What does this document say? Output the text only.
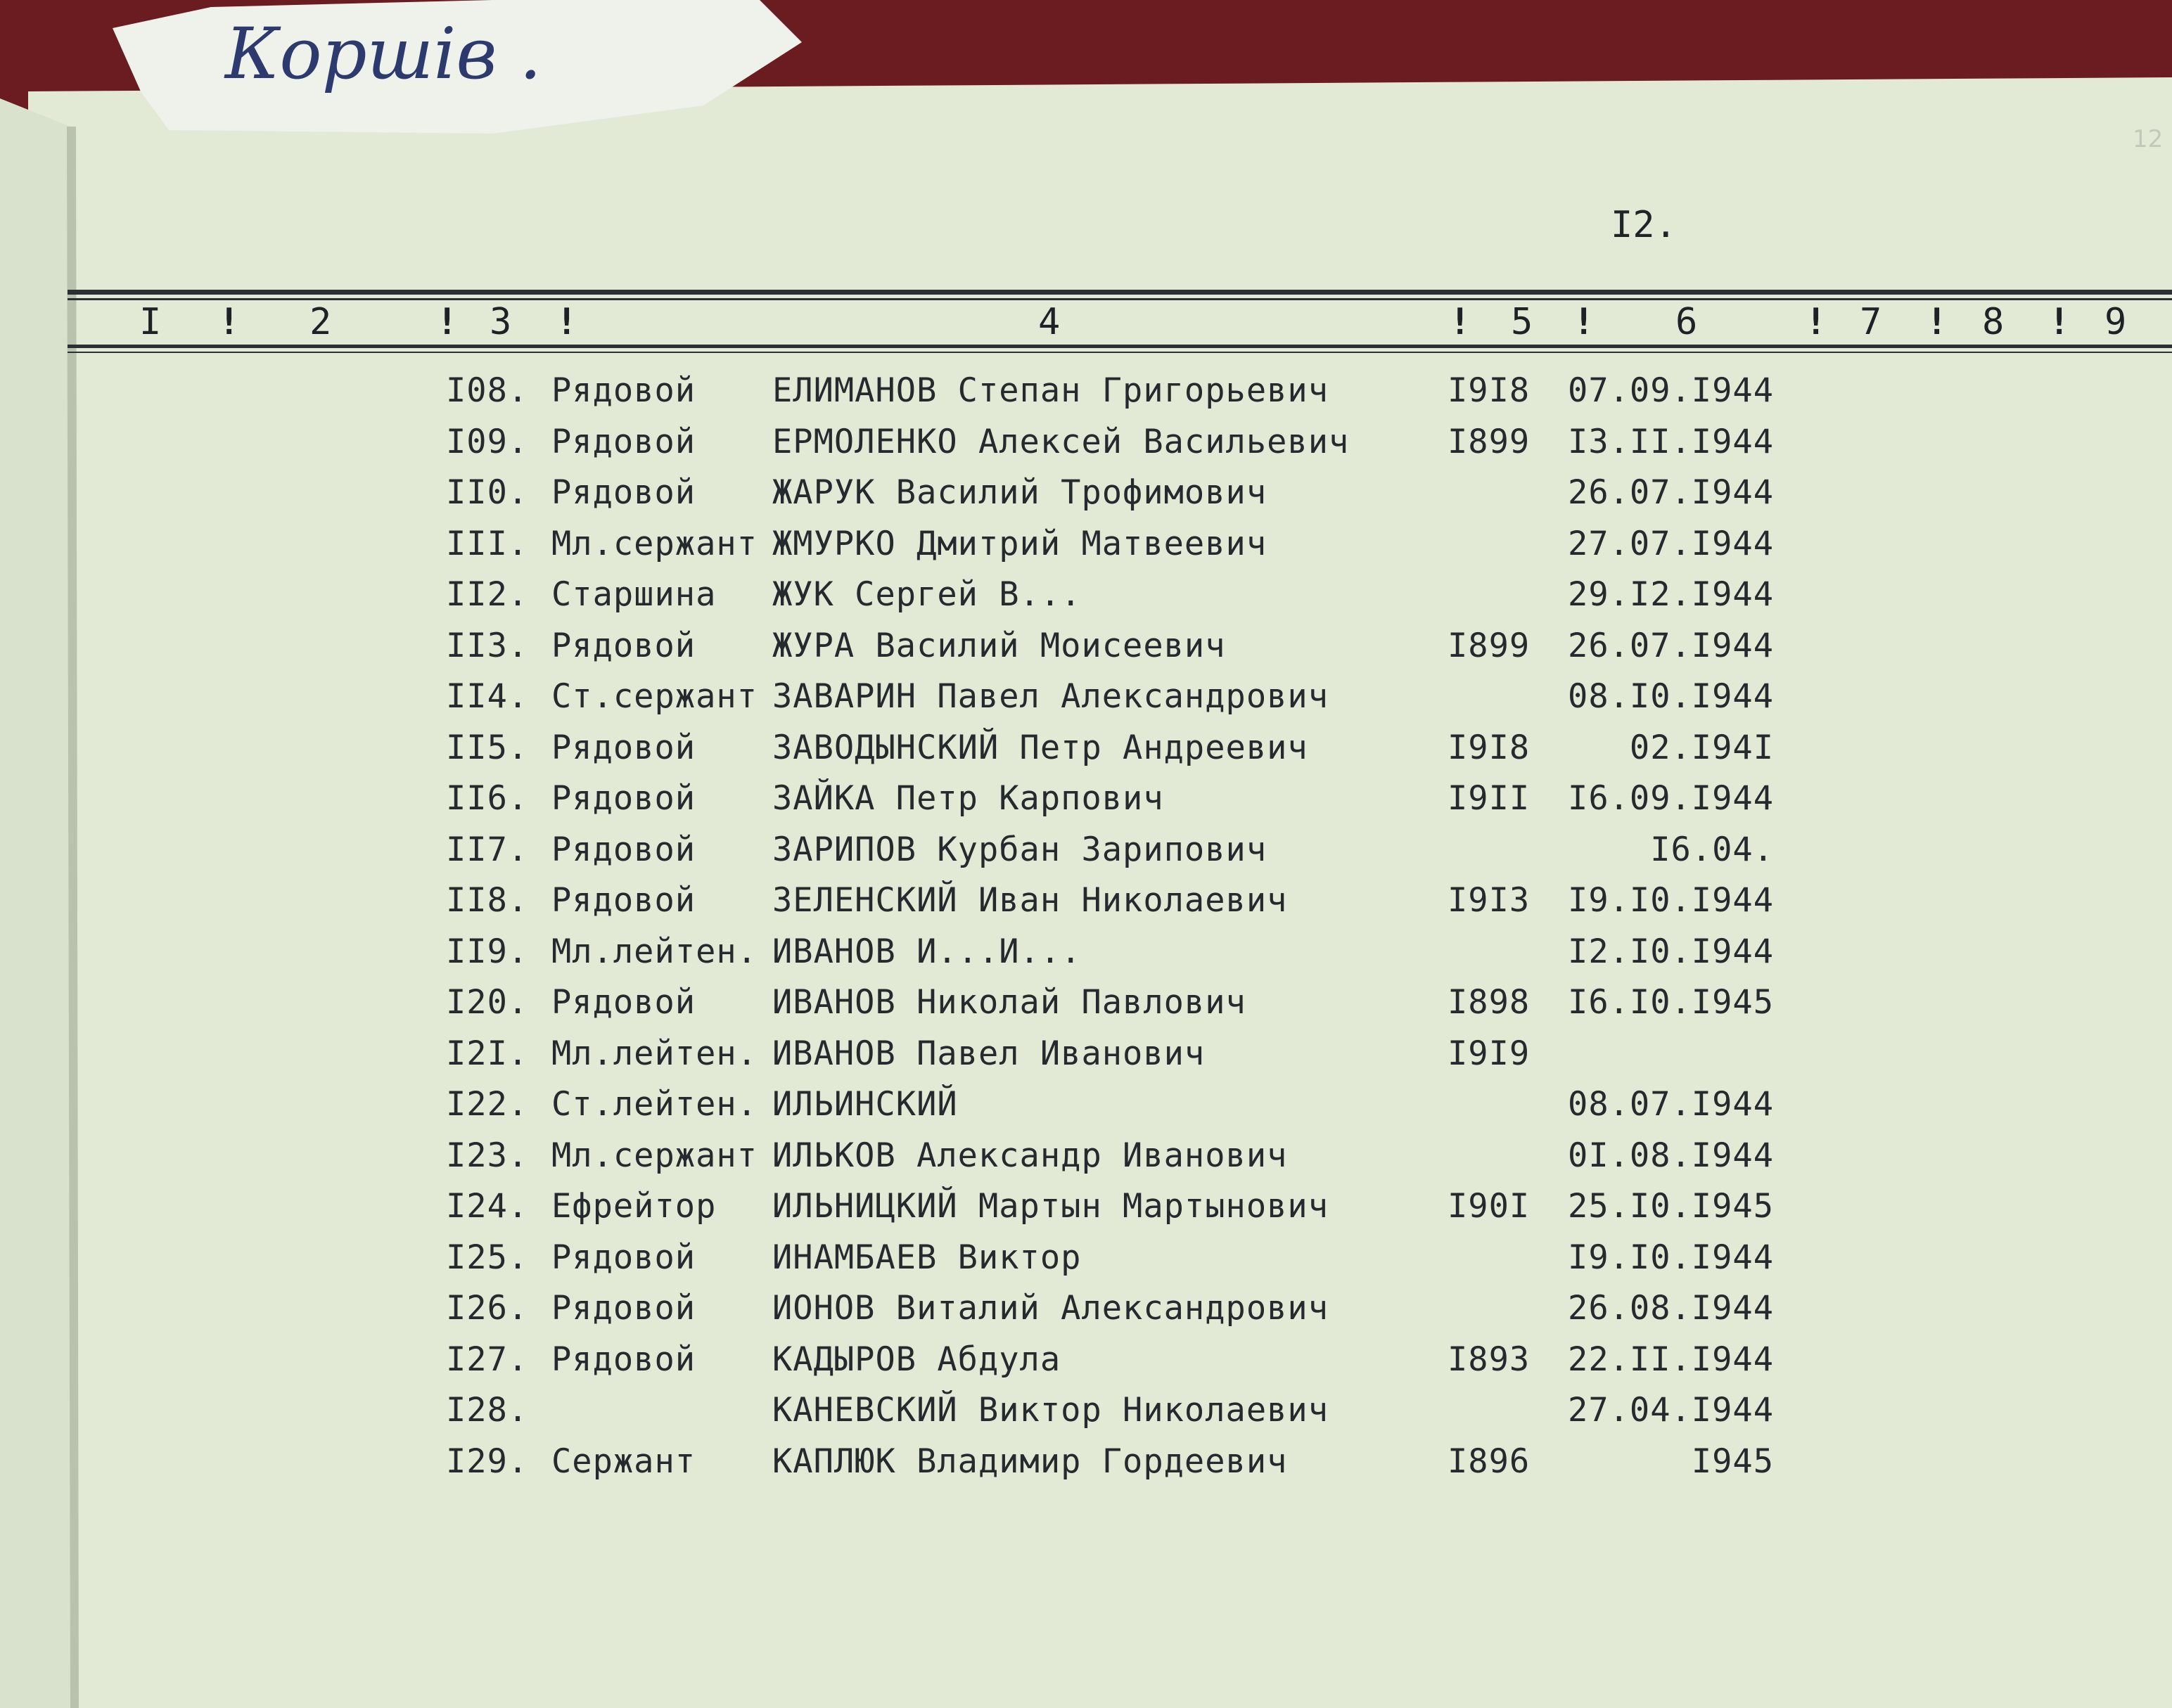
Коршів .
12
I2.
I ! 2	! 3 !	4	! 5 ! 6	! 7 ! 8 ! 9
I08. Рядовой ЕЛИМАНОВ Степан Григорьевич	I9I8 07.09.I944
I09. Рядовой ЕРМОЛЕНКО Алексей Васильевич	I899 I3.II.I944
II0. Рядовой ЖАРУК Василий Трофимович	26.07.I944
III. Мл.сержант ЖМУРКО Дмитрий Матвеевич	27.07.I944
II2. Старшина ЖУК Сергей В...	29.I2.I944
II3. Рядовой ЖУРА Василий Моисеевич	I899 26.07.I944
II4. Ст.сержант ЗАВАРИН Павел Александрович	08.I0.I944
II5. Рядовой ЗАВОДЫНСКИЙ Петр Андреевич	I9I8	02.I94I
II6. Рядовой ЗАЙКА Петр Карпович	I9II I6.09.I944
II7. Рядовой ЗАРИПОВ Курбан Зарипович	I6.04.
II8. Рядовой ЗЕЛЕНСКИЙ Иван Николаевич	I9I3 I9.I0.I944
II9. Мл.лейтен. ИВАНОВ И...И...	I2.I0.I944
I20. Рядовой ИВАНОВ Николай Павлович	I898 I6.I0.I945
I2I. Мл.лейтен. ИВАНОВ Павел Иванович	I9I9
I22. Ст.лейтен. ИЛЬИНСКИЙ	08.07.I944
I23. Мл.сержант ИЛЬКОВ Александр Иванович	0I.08.I944
I24. Ефрейтор ИЛЬНИЦКИЙ Мартын Мартынович	I90I 25.I0.I945
I25. Рядовой ИНАМБАЕВ Виктор	I9.I0.I944
I26. Рядовой ИОНОВ Виталий Александрович	26.08.I944
I27. Рядовой КАДЫРОВ Абдула	I893 22.II.I944
I28.	КАНЕВСКИЙ Виктор Николаевич	27.04.I944
I29. Сержант КАПЛЮК Владимир Гордеевич	I896	I945
